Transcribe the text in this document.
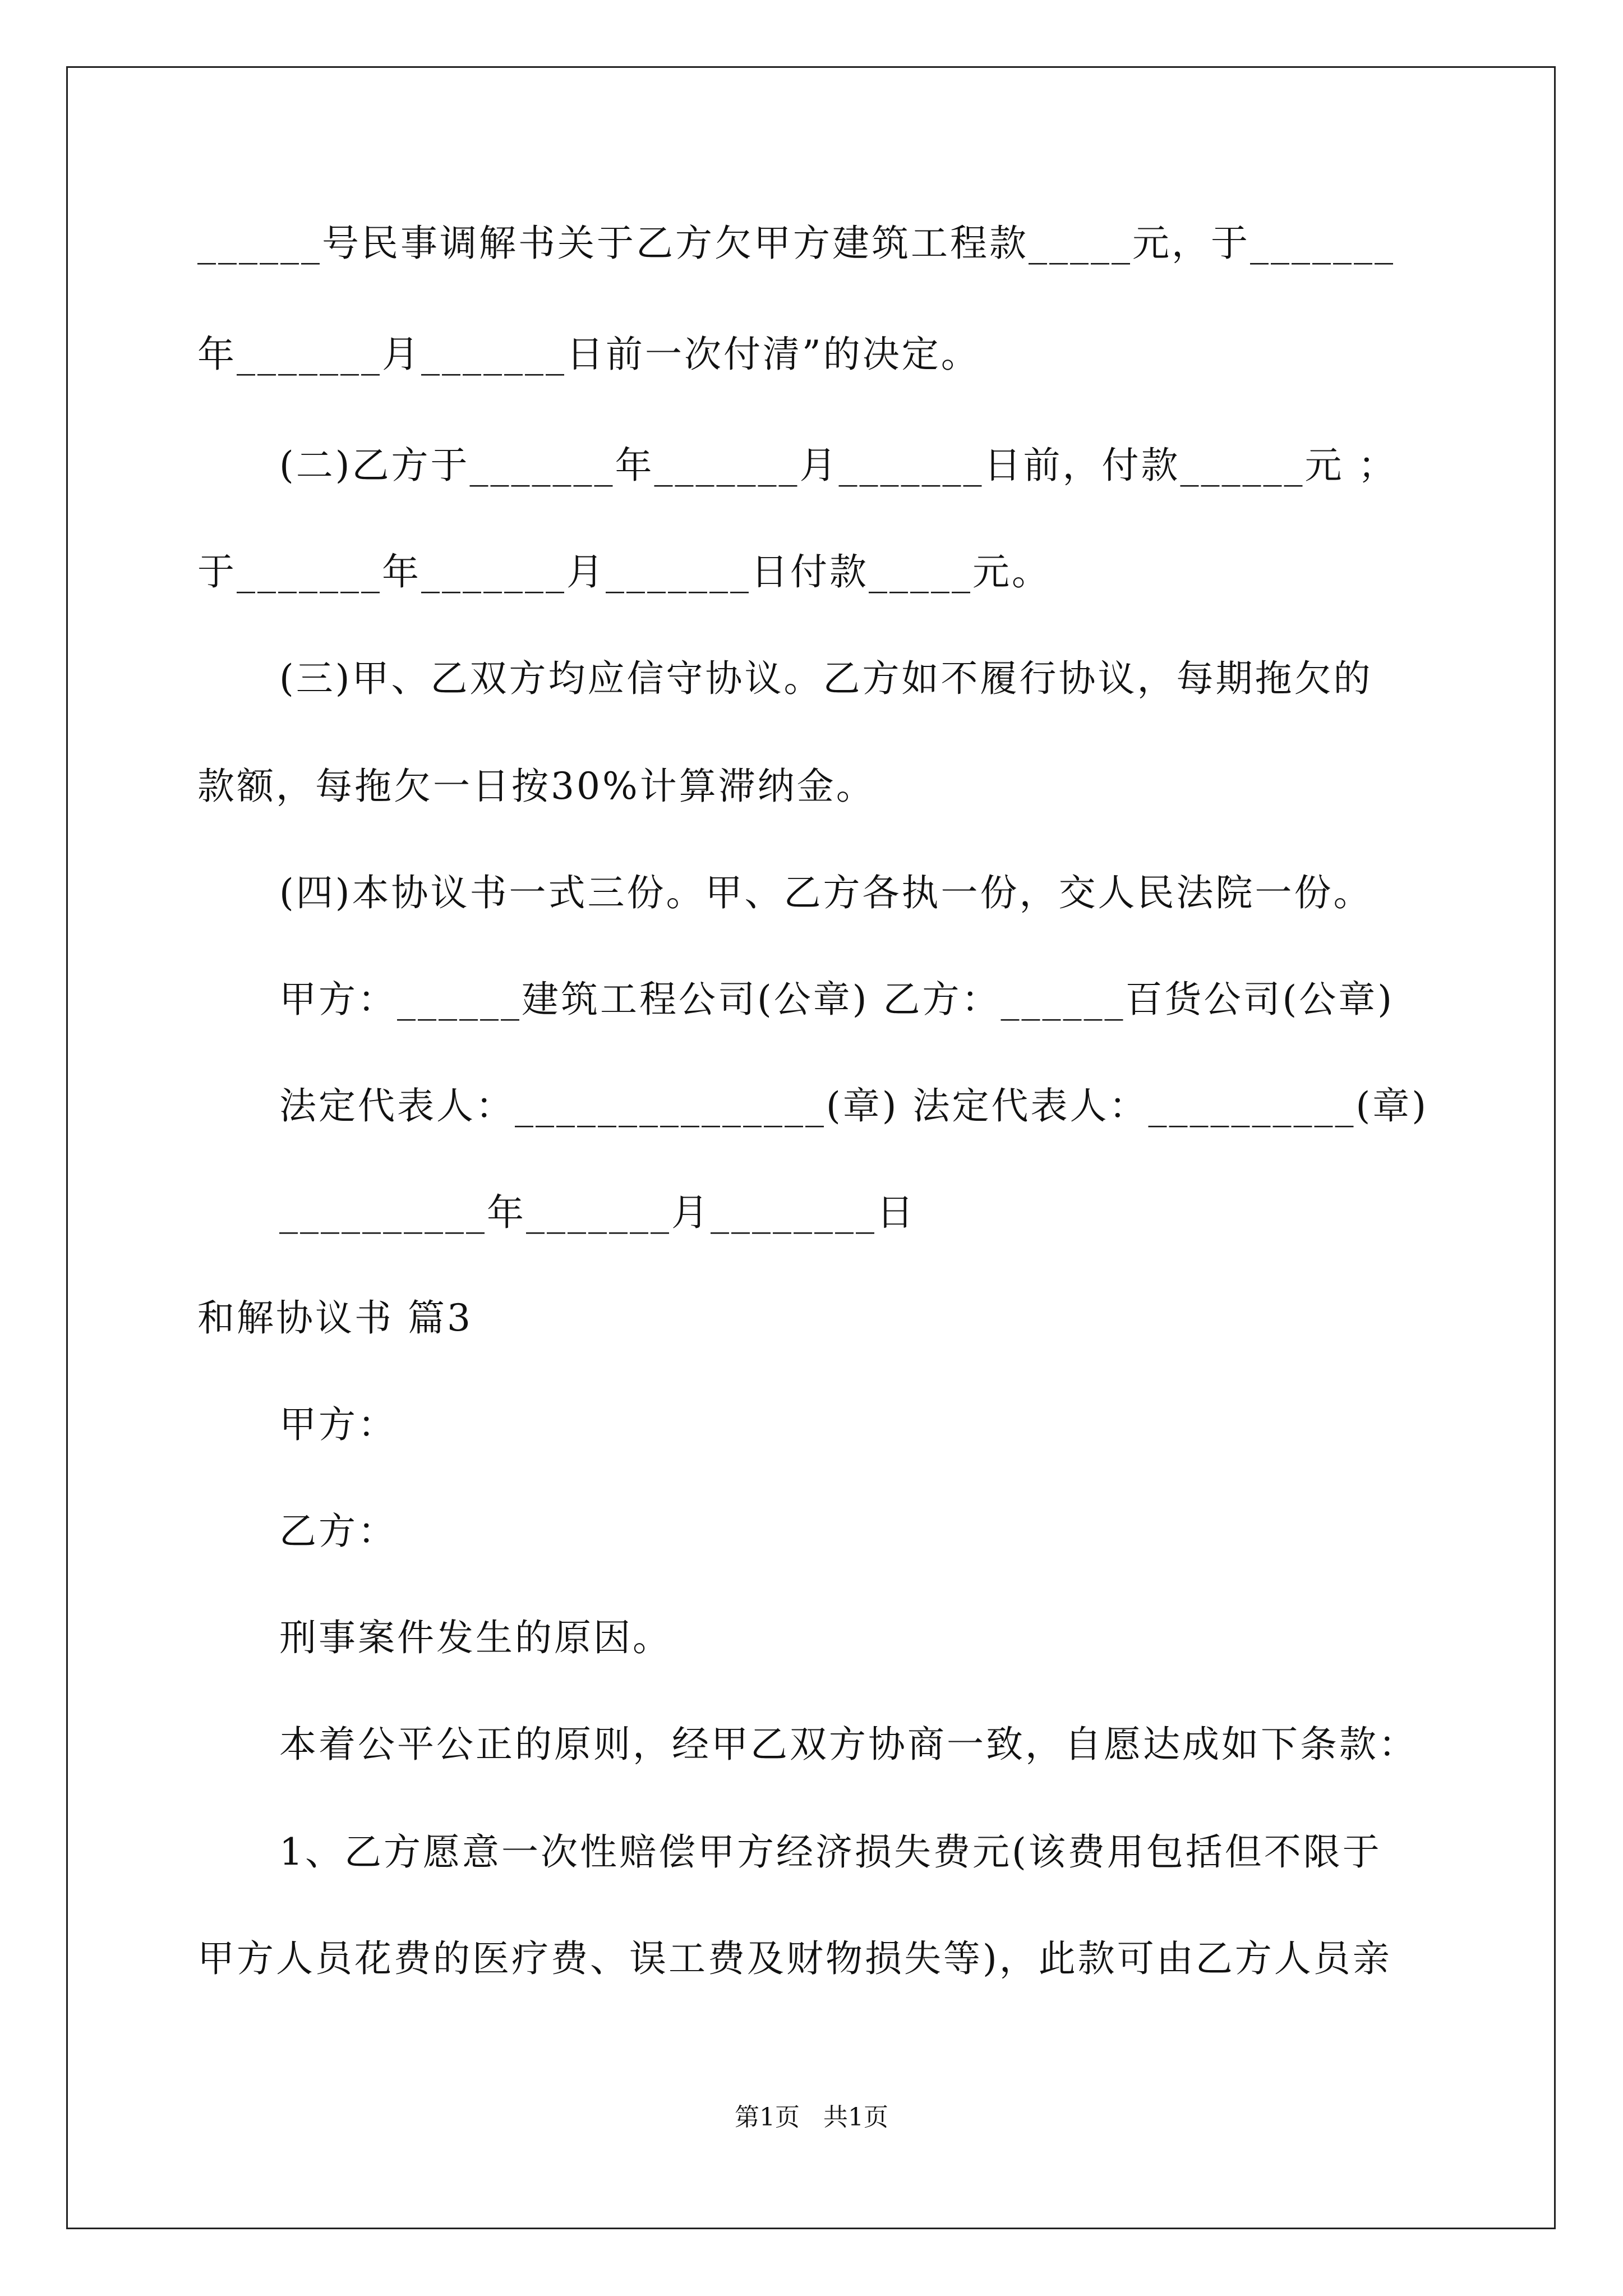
______号民事调解书关于乙方欠甲方建筑工程款_____元，于_______
年_______月_______日前一次付清”的决定。
(二)乙方于_______年_______月_______日前，付款______元 ；
于_______年_______月_______日付款_____元。
(三)甲、乙双方均应信守协议。乙方如不履行协议，每期拖欠的
款额，每拖欠一日按30%计算滞纳金。
(四)本协议书一式三份。甲、乙方各执一份，交人民法院一份。
甲方：______建筑工程公司(公章) 乙方：______百货公司(公章)
法定代表人：_______________(章) 法定代表人：__________(章)
__________年_______月________日
和解协议书 篇3
甲方：
乙方：
刑事案件发生的原因。
本着公平公正的原则，经甲乙双方协商一致，自愿达成如下条款：
1、乙方愿意一次性赔偿甲方经济损失费元(该费用包括但不限于
甲方人员花费的医疗费、误工费及财物损失等)，此款可由乙方人员亲
第1页   共1页
